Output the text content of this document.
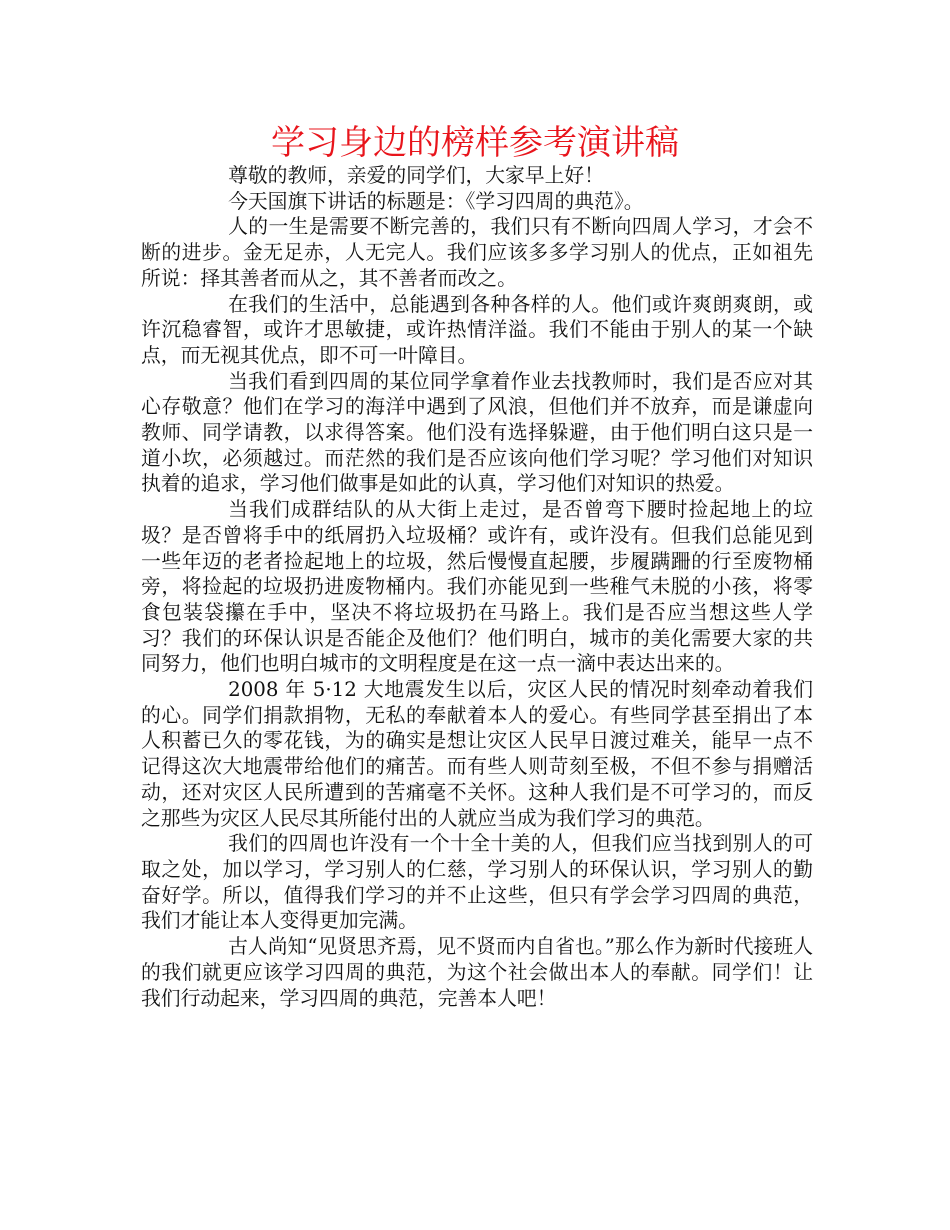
学习身边的榜样参考演讲稿

尊敬的教师，亲爱的同学们，大家早上好！

今天国旗下讲话的标题是：《学习四周的典范》。

人的一生是需要不断完善的，我们只有不断向四周人学习，才会不断的进步。金无足赤，人无完人。我们应该多多学习别人的优点，正如祖先所说：择其善者而从之，其不善者而改之。

在我们的生活中，总能遇到各种各样的人。他们或许爽朗爽朗，或许沉稳睿智，或许才思敏捷，或许热情洋溢。我们不能由于别人的某一个缺点，而无视其优点，即不可一叶障目。

当我们看到四周的某位同学拿着作业去找教师时，我们是否应对其心存敬意？他们在学习的海洋中遇到了风浪，但他们并不放弃，而是谦虚向教师、同学请教，以求得答案。他们没有选择躲避，由于他们明白这只是一道小坎，必须越过。而茫然的我们是否应该向他们学习呢？学习他们对知识执着的追求，学习他们做事是如此的认真，学习他们对知识的热爱。

当我们成群结队的从大街上走过，是否曾弯下腰时捡起地上的垃圾？是否曾将手中的纸屑扔入垃圾桶？或许有，或许没有。但我们总能见到一些年迈的老者捡起地上的垃圾，然后慢慢直起腰，步履蹒跚的行至废物桶旁，将捡起的垃圾扔进废物桶内。我们亦能见到一些稚气未脱的小孩，将零食包装袋攥在手中，坚决不将垃圾扔在马路上。我们是否应当想这些人学习？我们的环保认识是否能企及他们？他们明白，城市的美化需要大家的共同努力，他们也明白城市的文明程度是在这一点一滴中表达出来的。

2008 年 5·12 大地震发生以后，灾区人民的情况时刻牵动着我们的心。同学们捐款捐物，无私的奉献着本人的爱心。有些同学甚至捐出了本人积蓄已久的零花钱，为的确实是想让灾区人民早日渡过难关，能早一点不记得这次大地震带给他们的痛苦。而有些人则苛刻至极，不但不参与捐赠活动，还对灾区人民所遭到的苦痛毫不关怀。这种人我们是不可学习的，而反之那些为灾区人民尽其所能付出的人就应当成为我们学习的典范。

我们的四周也许没有一个十全十美的人，但我们应当找到别人的可取之处，加以学习，学习别人的仁慈，学习别人的环保认识，学习别人的勤奋好学。所以，值得我们学习的并不止这些，但只有学会学习四周的典范，我们才能让本人变得更加完满。

古人尚知“见贤思齐焉，见不贤而内自省也。”那么作为新时代接班人的我们就更应该学习四周的典范，为这个社会做出本人的奉献。同学们！让我们行动起来，学习四周的典范，完善本人吧！
